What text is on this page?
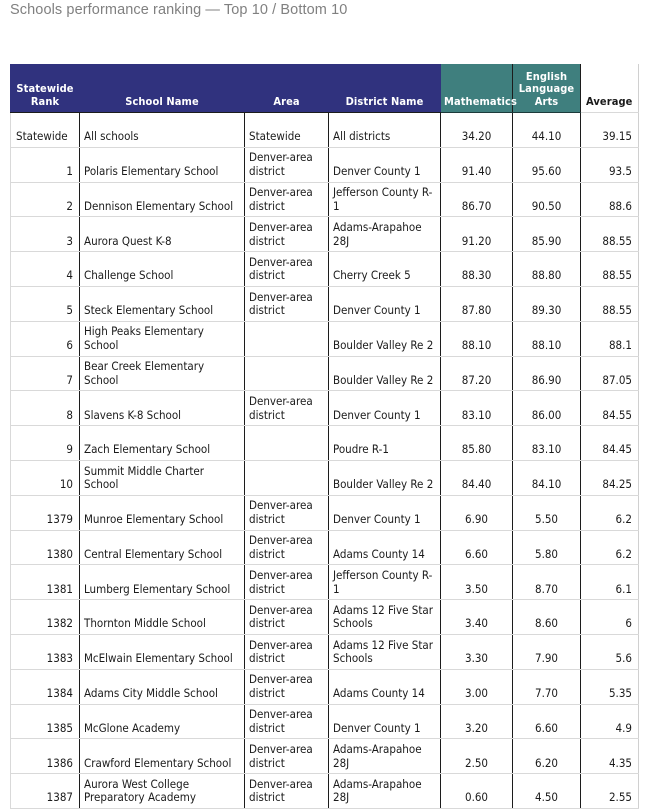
Schools performance ranking — Top 10 / Bottom 10
Statewide Rank	School Name	Area	District Name	Mathematics	English Language Arts	Average
Statewide	All schools	Statewide	All districts	34.20	44.10	39.15
1	Polaris Elementary School	Denver-area district	Denver County 1	91.40	95.60	93.5
2	Dennison Elementary School	Denver-area district	Jefferson County R-1	86.70	90.50	88.6
3	Aurora Quest K-8	Denver-area district	Adams-Arapahoe 28J	91.20	85.90	88.55
4	Challenge School	Denver-area district	Cherry Creek 5	88.30	88.80	88.55
5	Steck Elementary School	Denver-area district	Denver County 1	87.80	89.30	88.55
6	High Peaks Elementary School		Boulder Valley Re 2	88.10	88.10	88.1
7	Bear Creek Elementary School		Boulder Valley Re 2	87.20	86.90	87.05
8	Slavens K-8 School	Denver-area district	Denver County 1	83.10	86.00	84.55
9	Zach Elementary School		Poudre R-1	85.80	83.10	84.45
10	Summit Middle Charter School		Boulder Valley Re 2	84.40	84.10	84.25
1379	Munroe Elementary School	Denver-area district	Denver County 1	6.90	5.50	6.2
1380	Central Elementary School	Denver-area district	Adams County 14	6.60	5.80	6.2
1381	Lumberg Elementary School	Denver-area district	Jefferson County R-1	3.50	8.70	6.1
1382	Thornton Middle School	Denver-area district	Adams 12 Five Star Schools	3.40	8.60	6
1383	McElwain Elementary School	Denver-area district	Adams 12 Five Star Schools	3.30	7.90	5.6
1384	Adams City Middle School	Denver-area district	Adams County 14	3.00	7.70	5.35
1385	McGlone Academy	Denver-area district	Denver County 1	3.20	6.60	4.9
1386	Crawford Elementary School	Denver-area district	Adams-Arapahoe 28J	2.50	6.20	4.35
1387	Aurora West College Preparatory Academy	Denver-area district	Adams-Arapahoe 28J	0.60	4.50	2.55
